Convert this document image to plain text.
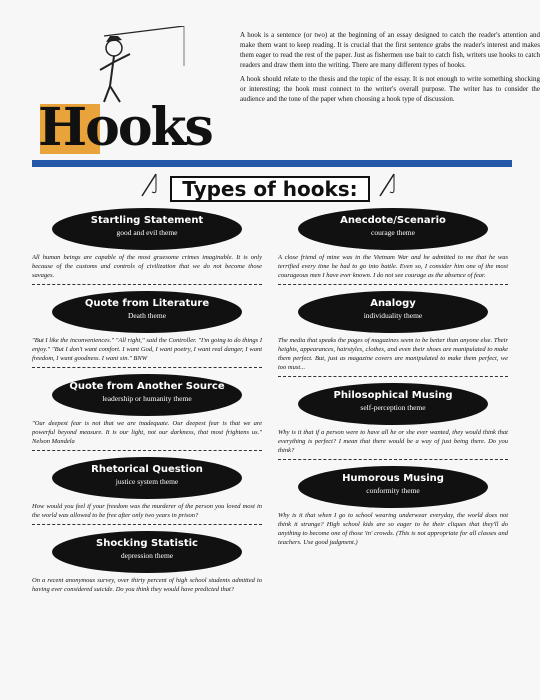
Hooks

A hook is a sentence (or two) at the beginning of an essay designed to catch the reader's attention and make them want to keep reading. It is crucial that the first sentence grabs the reader's interest and makes them eager to read the rest of the paper. Just as fishermen use bait to catch fish, writers use hooks to catch readers and draw them into the writing. There are many different types of hooks.

A hook should relate to the thesis and the topic of the essay. It is not enough to write something shocking or interesting; the hook must connect to the writer's overall purpose. The writer has to consider the audience and the tone of the paper when choosing a hook type of discussion.

Types of hooks:
Startling Statement
good and evil theme
All human beings are capable of the most gruesome crimes imaginable. It is only because of the customs and controls of civilization that we do not become those savages.
Quote from Literature
Death theme
"But I like the inconveniences." "All right," said the Controller. "I'm going to do things I enjoy." "But I don't want comfort. I want God, I want poetry, I want real danger, I want freedom, I want goodness. I want sin." BNW
Quote from Another Source
leadership or humanity theme
"Our deepest fear is not that we are inadequate. Our deepest fear is that we are powerful beyond measure. It is our light, not our darkness, that most frightens us." Nelson Mandela
Rhetorical Question
justice system theme
How would you feel if your freedom was the murderer of the person you loved most in the world was allowed to be free after only two years in prison?
Shocking Statistic
depression theme
On a recent anonymous survey, over thirty percent of high school students admitted to having ever considered suicide. Do you think they would have predicted that?
Anecdote/Scenario
courage theme
A close friend of mine was in the Vietnam War and he admitted to me that he was terrified every time he had to go into battle. Even so, I consider him one of the most courageous men I have ever known. I do not see courage as the absence of fear.
Analogy
individuality theme
The media that speaks the pages of magazines seem to be better than anyone else. Their heights, appearances, hairstyles, clothes, and even their shoes are manipulated to make them perfect. But, just as magazine covers are manipulated to make them perfect, we too must...
Philosophical Musing
self-perception theme
Why is it that if a person were to have all he or she ever wanted, they would think that everything is perfect? I mean that there would be a way of just being there. Do you think?
Humorous Musing
conformity theme
Why is it that when I go to school wearing underwear everyday, the world does not think it strange? High school kids are so eager to be their cliques that they'll do anything to become one of those 'in' crowds. (This is not appropriate for all classes and teachers. Use good judgment.)
